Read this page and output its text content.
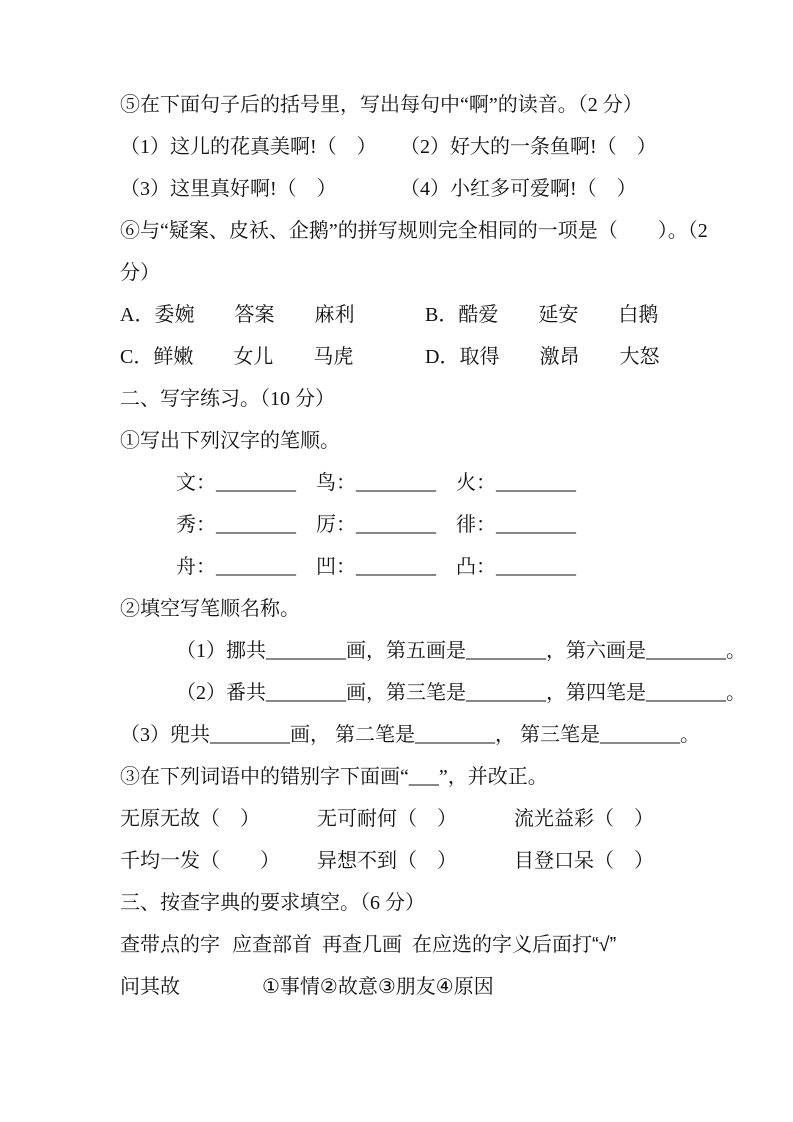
⑤在下面句子后的括号里，写出每句中“啊”的读音。（2 分）
（1）这儿的花真美啊!（　）	（2）好大的一条鱼啊!（　）
（3）这里真好啊!（　）	（4）小红多可爱啊!（　）
⑥与“疑案、皮袄、企鹅”的拼写规则完全相同的一项是（　　）。（2
分）
A．委婉　　答案　　麻利	B．酷爱　　延安　　白鹅
C．鲜嫩　　女儿　　马虎	D．取得　　激昂　　大怒
二、写字练习。（10 分）
①写出下列汉字的笔顺。
文：________	鸟：________	火：________
秀：________	厉：________	徘：________
舟：________	凹：________	凸：________
②填空写笔顺名称。
（1）挪共________画，第五画是________，第六画是________。
（2）番共________画，第三笔是________，第四笔是________。
（3）兜共________画， 第二笔是________， 第三笔是________。
③在下列词语中的错别字下面画“___”，并改正。
无原无故（　）	无可耐何（　）	流光益彩（　）
千均一发（　　）	异想不到（　）	目登口呆（　）
三、按查字典的要求填空。（6 分）
查带点的字 应查部首 再查几画 在应选的字义后面打“√”
问其故	①事情②故意③朋友④原因
